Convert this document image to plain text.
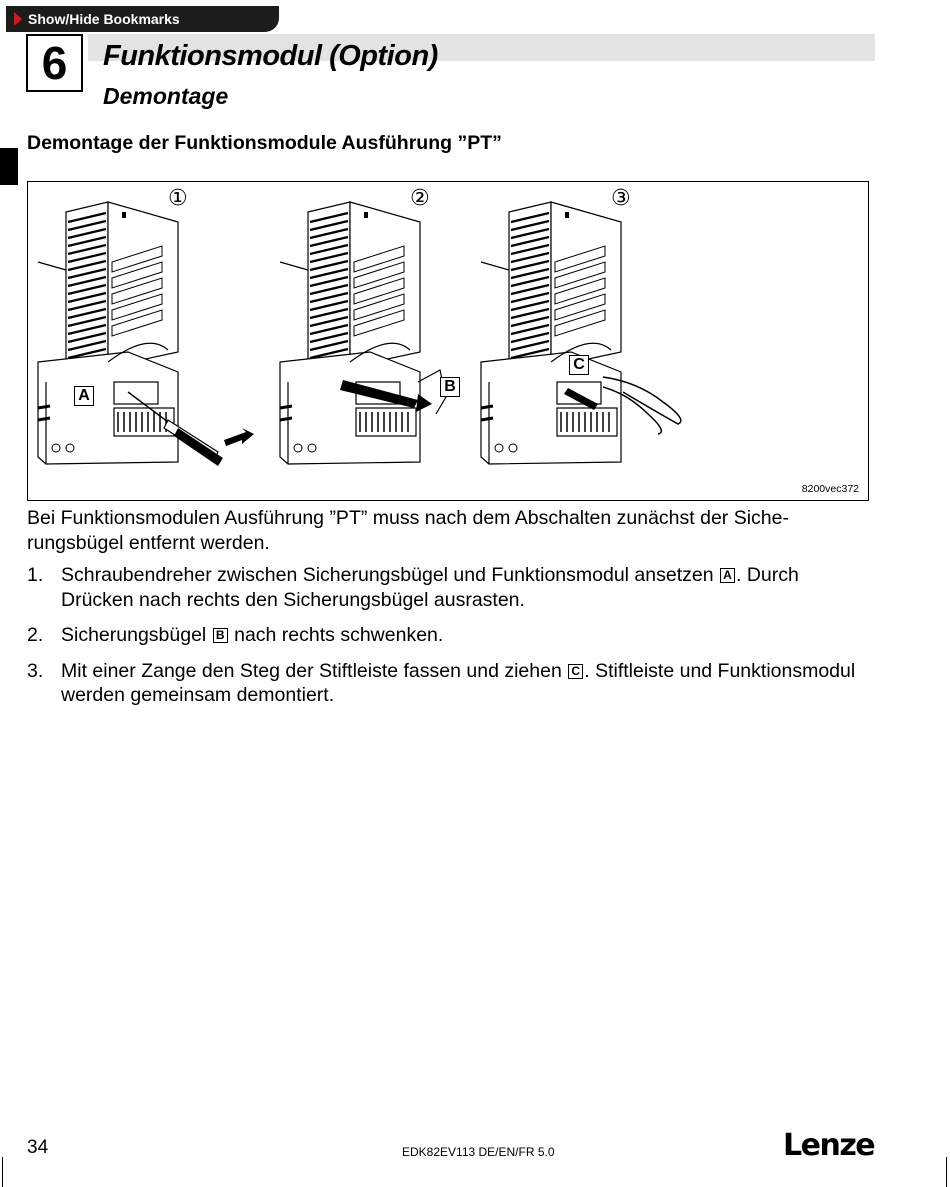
Show/Hide Bookmarks
6	Funktionsmodul (Option)
Demontage
Demontage der Funktionsmodule Ausführung ”PT”
①	②	③
A
B
C
8200vec372
Bei Funktionsmodulen Ausführung ”PT” muss nach dem Abschalten zunächst der Siche-rungsbügel entfernt werden.
1. Schraubendreher zwischen Sicherungsbügel und Funktionsmodul ansetzen A . Durch Drücken nach rechts den Sicherungsbügel ausrasten.
2. Sicherungsbügel B nach rechts schwenken.
3. Mit einer Zange den Steg der Stiftleiste fassen und ziehen C . Stiftleiste und Funktionsmodul werden gemeinsam demontiert.
34	EDK82EV113 DE/EN/FR 5.0	Lenze
